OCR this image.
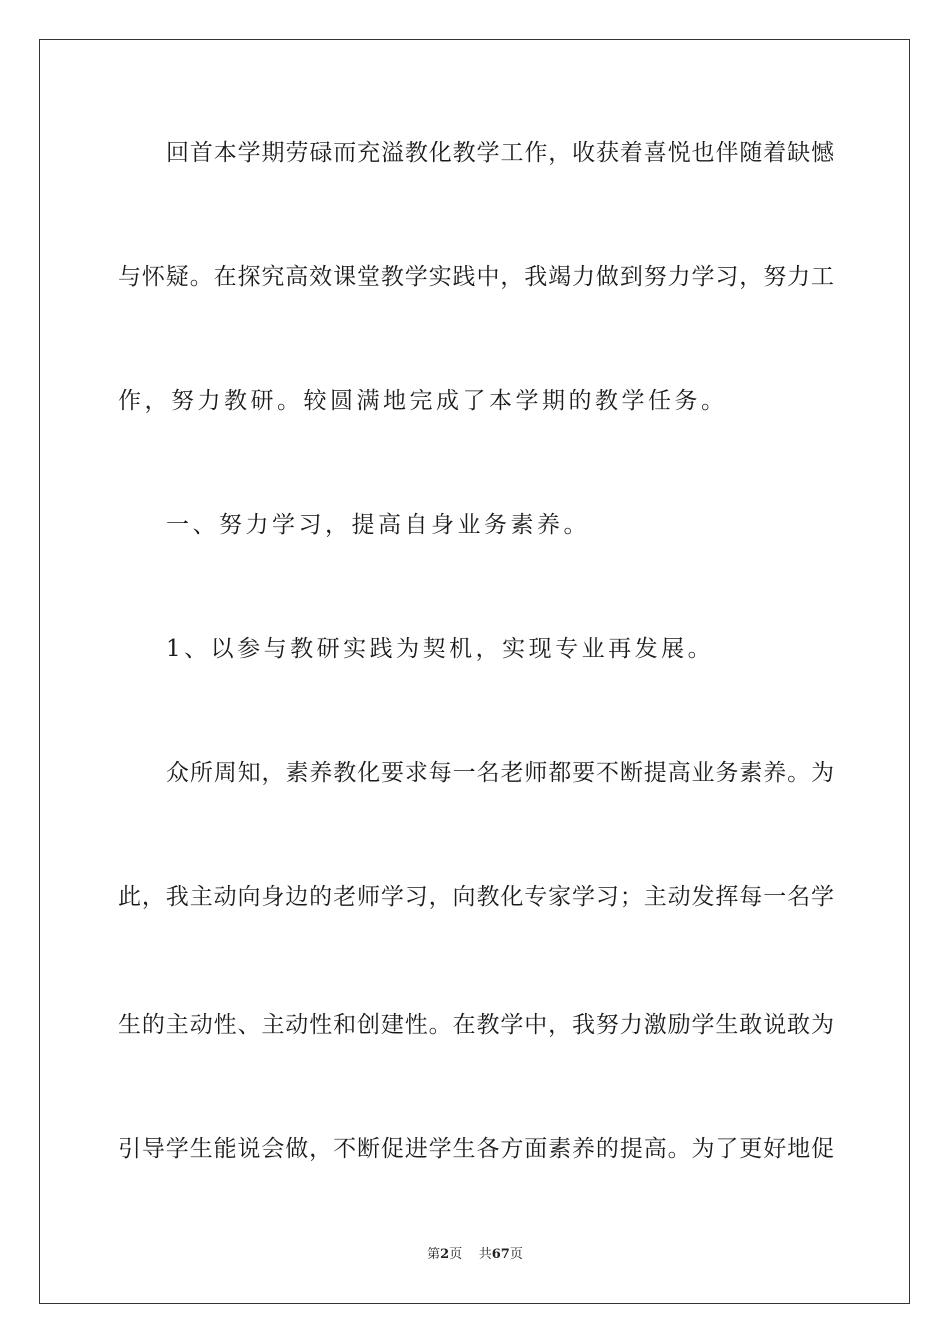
回首本学期劳碌而充溢教化教学工作，收获着喜悦也伴随着缺憾
与怀疑。在探究高效课堂教学实践中，我竭力做到努力学习，努力工
作，努力教研。较圆满地完成了本学期的教学任务。
一、努力学习，提高自身业务素养。
1、以参与教研实践为契机，实现专业再发展。
众所周知，素养教化要求每一名老师都要不断提高业务素养。为
此，我主动向身边的老师学习，向教化专家学习；主动发挥每一名学
生的主动性、主动性和创建性。在教学中，我努力激励学生敢说敢为
引导学生能说会做，不断促进学生各方面素养的提高。为了更好地促
第2页 共67页
